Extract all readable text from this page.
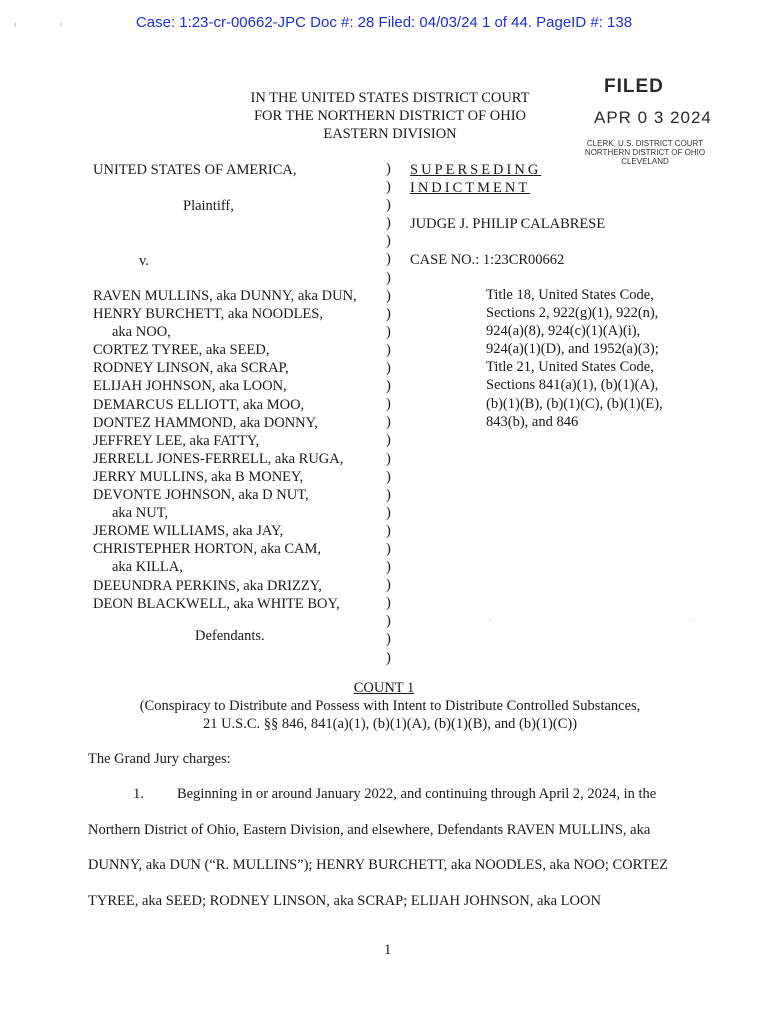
Case: 1:23-cr-00662-JPC Doc #: 28 Filed: 04/03/24 1 of 44. PageID #: 138
ı	ı
IN THE UNITED STATES DISTRICT COURT
FOR THE NORTHERN DISTRICT OF OHIO
EASTERN DIVISION
FILED
APR 0 3 2024
CLERK, U.S. DISTRICT COURT
NORTHERN DISTRICT OF OHIO
CLEVELAND
UNITED STATES OF AMERICA,
Plaintiff,
v.
RAVEN MULLINS, aka DUNNY, aka DUN,
HENRY BURCHETT, aka NOODLES,
aka NOO,
CORTEZ TYREE, aka SEED,
RODNEY LINSON, aka SCRAP,
ELIJAH JOHNSON, aka LOON,
DEMARCUS ELLIOTT, aka MOO,
DONTEZ HAMMOND, aka DONNY,
JEFFREY LEE, aka FATTY,
JERRELL JONES-FERRELL, aka RUGA,
JERRY MULLINS, aka B MONEY,
DEVONTE JOHNSON, aka D NUT,
aka NUT,
JEROME WILLIAMS, aka JAY,
CHRISTEPHER HORTON, aka CAM,
aka KILLA,
DEEUNDRA PERKINS, aka DRIZZY,
DEON BLACKWELL, aka WHITE BOY,
Defendants.
)
)
)
)
)
)
)
)
)
)
)
)
)
)
)
)
)
)
)
)
)
)
)
)
)
)
)
)
SUPERSEDING
INDICTMENT
JUDGE J. PHILIP CALABRESE
CASE NO.: 1:23CR00662
Title 18, United States Code,
Sections 2, 922(g)(1), 922(n),
924(a)(8), 924(c)(1)(A)(i),
924(a)(1)(D), and 1952(a)(3);
Title 21, United States Code,
Sections 841(a)(1), (b)(1)(A),
(b)(1)(B), (b)(1)(C), (b)(1)(E),
843(b), and 846
COUNT 1
(Conspiracy to Distribute and Possess with Intent to Distribute Controlled Substances,
21 U.S.C. §§ 846, 841(a)(1), (b)(1)(A), (b)(1)(B), and (b)(1)(C))
The Grand Jury charges:
1. Beginning in or around January 2022, and continuing through April 2, 2024, in the
Northern District of Ohio, Eastern Division, and elsewhere, Defendants RAVEN MULLINS, aka
DUNNY, aka DUN (“R. MULLINS”); HENRY BURCHETT, aka NOODLES, aka NOO; CORTEZ
TYREE, aka SEED; RODNEY LINSON, aka SCRAP; ELIJAH JOHNSON, aka LOON
1
·	·
